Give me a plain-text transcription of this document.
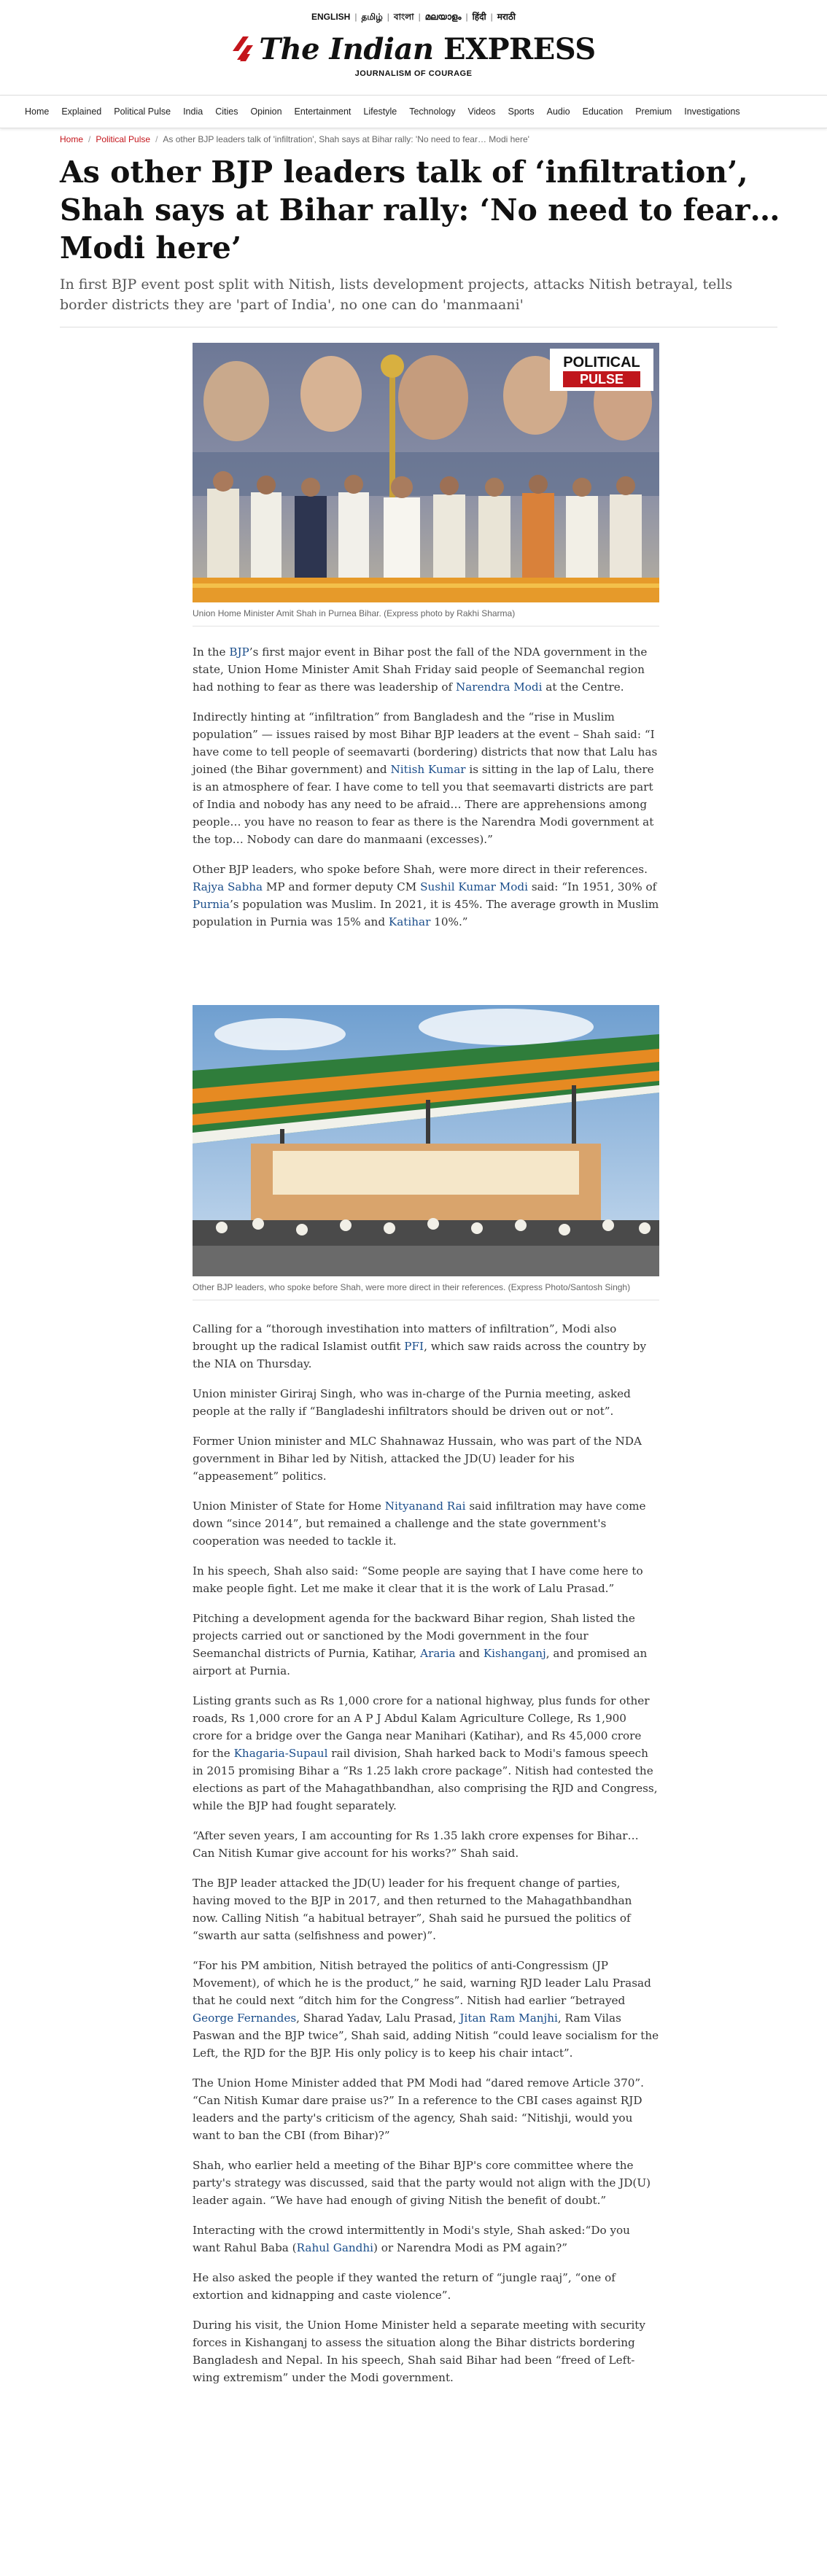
ENGLISH | தமிழ் | বাংলা | മലയാളം | हिंदी | मराठी
The Indian EXPRESS
JOURNALISM OF COURAGE
Home Explained Political Pulse India Cities Opinion Entertainment Lifestyle Technology Videos Sports Audio Education Premium Investigations
Home / Political Pulse / As other BJP leaders talk of 'infiltration', Shah says at Bihar rally: 'No need to fear… Modi here'
As other BJP leaders talk of ‘infiltration’, Shah says at Bihar rally: ‘No need to fear… Modi here’
In first BJP event post split with Nitish, lists development projects, attacks Nitish betrayal, tells border districts they are 'part of India', no one can do 'manmaani'
POLITICAL
PULSE
Union Home Minister Amit Shah in Purnea Bihar. (Express photo by Rakhi Sharma)

In the BJP’s first major event in Bihar post the fall of the NDA government in the state, Union Home Minister Amit Shah Friday said people of Seemanchal region had nothing to fear as there was leadership of Narendra Modi at the Centre.

Indirectly hinting at “infiltration” from Bangladesh and the “rise in Muslim population” — issues raised by most Bihar BJP leaders at the event – Shah said: “I have come to tell people of seemavarti (bordering) districts that now that Lalu has joined (the Bihar government) and Nitish Kumar is sitting in the lap of Lalu, there is an atmosphere of fear. I have come to tell you that seemavarti districts are part of India and nobody has any need to be afraid… There are apprehensions among people… you have no reason to fear as there is the Narendra Modi government at the top… Nobody can dare do manmaani (excesses).”

Other BJP leaders, who spoke before Shah, were more direct in their references. Rajya Sabha MP and former deputy CM Sushil Kumar Modi said: “In 1951, 30% of Purnia’s population was Muslim. In 2021, it is 45%. The average growth in Muslim population in Purnia was 15% and Katihar 10%.”

Other BJP leaders, who spoke before Shah, were more direct in their references. (Express Photo/Santosh Singh)

Calling for a “thorough investihation into matters of infiltration”, Modi also brought up the radical Islamist outfit PFI, which saw raids across the country by the NIA on Thursday.

Union minister Giriraj Singh, who was in-charge of the Purnia meeting, asked people at the rally if “Bangladeshi infiltrators should be driven out or not”.

Former Union minister and MLC Shahnawaz Hussain, who was part of the NDA government in Bihar led by Nitish, attacked the JD(U) leader for his “appeasement” politics.

Union Minister of State for Home Nityanand Rai said infiltration may have come down “since 2014”, but remained a challenge and the state government's cooperation was needed to tackle it.

In his speech, Shah also said: “Some people are saying that I have come here to make people fight. Let me make it clear that it is the work of Lalu Prasad.”

Pitching a development agenda for the backward Bihar region, Shah listed the projects carried out or sanctioned by the Modi government in the four Seemanchal districts of Purnia, Katihar, Araria and Kishanganj, and promised an airport at Purnia.

Listing grants such as Rs 1,000 crore for a national highway, plus funds for other roads, Rs 1,000 crore for an A P J Abdul Kalam Agriculture College, Rs 1,900 crore for a bridge over the Ganga near Manihari (Katihar), and Rs 45,000 crore for the Khagaria-Supaul rail division, Shah harked back to Modi's famous speech in 2015 promising Bihar a “Rs 1.25 lakh crore package”. Nitish had contested the elections as part of the Mahagathbandhan, also comprising the RJD and Congress, while the BJP had fought separately.

“After seven years, I am accounting for Rs 1.35 lakh crore expenses for Bihar… Can Nitish Kumar give account for his works?” Shah said.

The BJP leader attacked the JD(U) leader for his frequent change of parties, having moved to the BJP in 2017, and then returned to the Mahagathbandhan now. Calling Nitish “a habitual betrayer”, Shah said he pursued the politics of “swarth aur satta (selfishness and power)”.

“For his PM ambition, Nitish betrayed the politics of anti-Congressism (JP Movement), of which he is the product,” he said, warning RJD leader Lalu Prasad that he could next “ditch him for the Congress”. Nitish had earlier “betrayed George Fernandes, Sharad Yadav, Lalu Prasad, Jitan Ram Manjhi, Ram Vilas Paswan and the BJP twice”, Shah said, adding Nitish “could leave socialism for the Left, the RJD for the BJP. His only policy is to keep his chair intact”.

The Union Home Minister added that PM Modi had “dared remove Article 370”. “Can Nitish Kumar dare praise us?” In a reference to the CBI cases against RJD leaders and the party's criticism of the agency, Shah said: “Nitishji, would you want to ban the CBI (from Bihar)?”

Shah, who earlier held a meeting of the Bihar BJP's core committee where the party's strategy was discussed, said that the party would not align with the JD(U) leader again. “We have had enough of giving Nitish the benefit of doubt.”

Interacting with the crowd intermittently in Modi's style, Shah asked:“Do you want Rahul Baba (Rahul Gandhi) or Narendra Modi as PM again?”

He also asked the people if they wanted the return of “jungle raaj”, “one of extortion and kidnapping and caste violence”.

During his visit, the Union Home Minister held a separate meeting with security forces in Kishanganj to assess the situation along the Bihar districts bordering Bangladesh and Nepal. In his speech, Shah said Bihar had been “freed of Left-wing extremism” under the Modi government.
